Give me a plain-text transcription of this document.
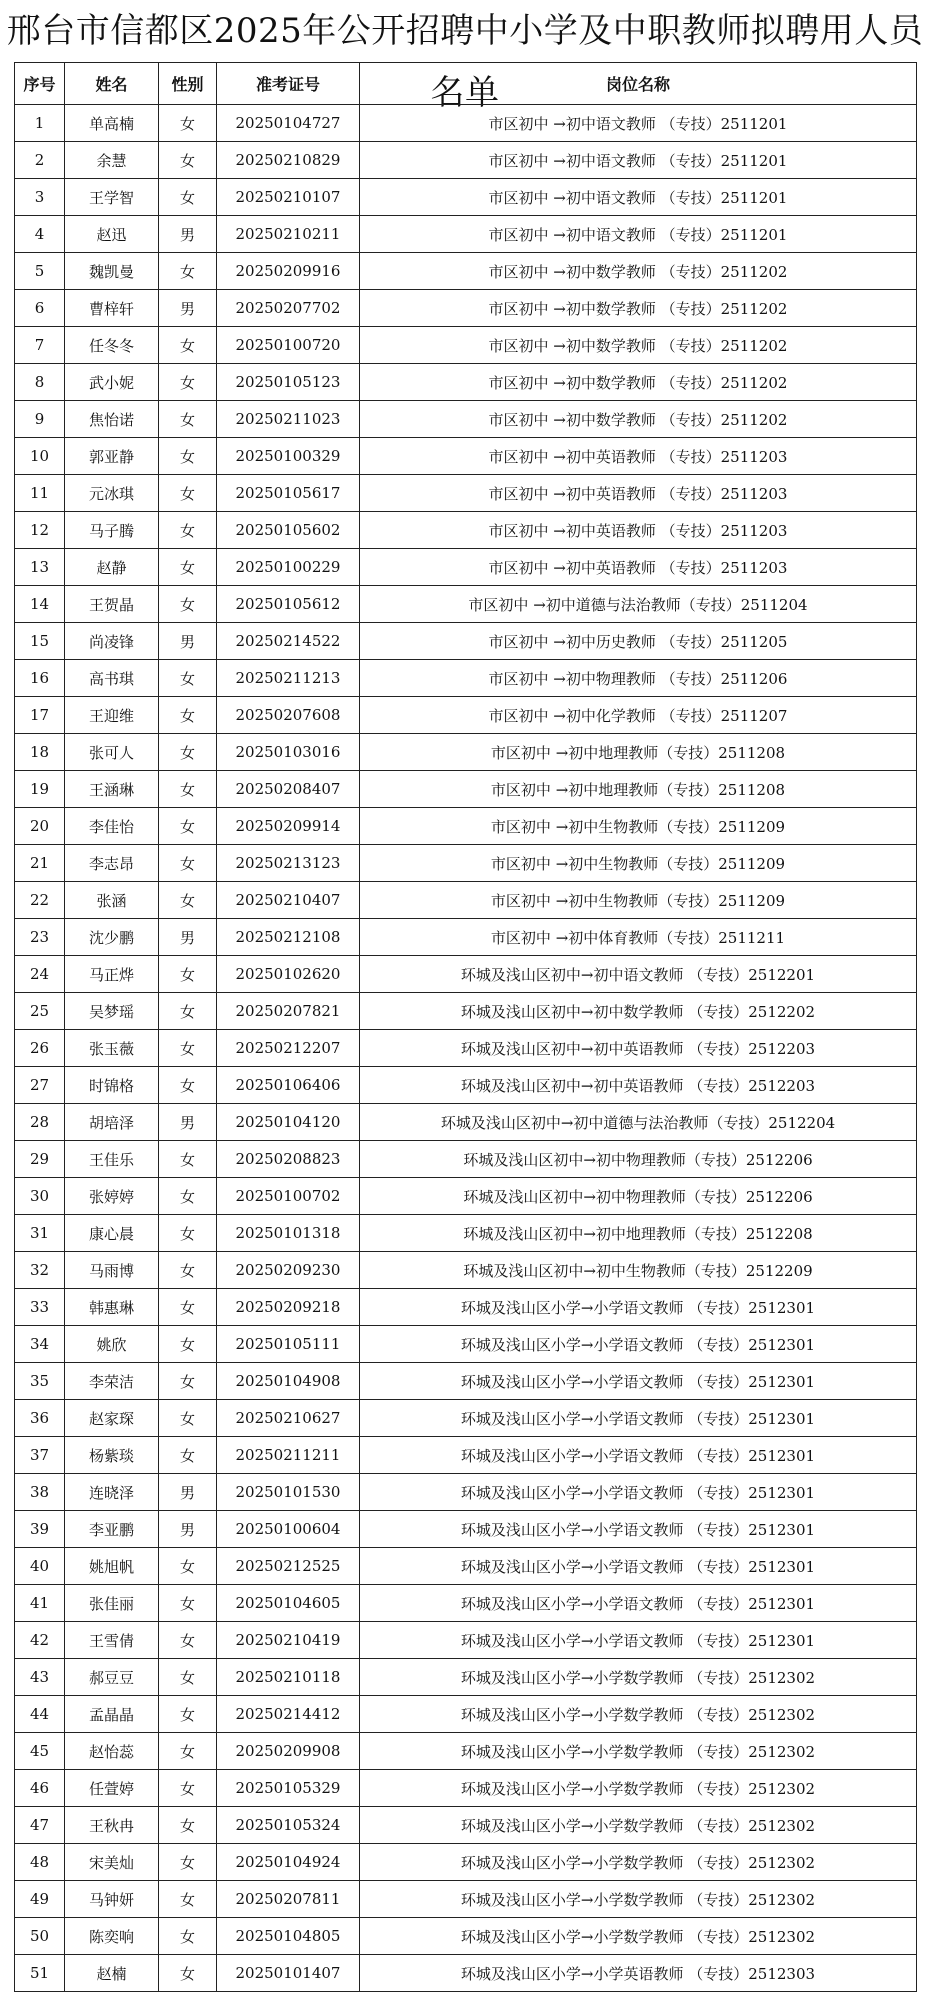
邢台市信都区2025年公开招聘中小学及中职教师拟聘用人员名单
序号	姓名	性别	准考证号	岗位名称
1	单高楠	女	20250104727	市区初中 →初中语文教师 （专技）2511201
2	余慧	女	20250210829	市区初中 →初中语文教师 （专技）2511201
3	王学智	女	20250210107	市区初中 →初中语文教师 （专技）2511201
4	赵迅	男	20250210211	市区初中 →初中语文教师 （专技）2511201
5	魏凯曼	女	20250209916	市区初中 →初中数学教师 （专技）2511202
6	曹梓轩	男	20250207702	市区初中 →初中数学教师 （专技）2511202
7	任冬冬	女	20250100720	市区初中 →初中数学教师 （专技）2511202
8	武小妮	女	20250105123	市区初中 →初中数学教师 （专技）2511202
9	焦怡诺	女	20250211023	市区初中 →初中数学教师 （专技）2511202
10	郭亚静	女	20250100329	市区初中 →初中英语教师 （专技）2511203
11	元冰琪	女	20250105617	市区初中 →初中英语教师 （专技）2511203
12	马子腾	女	20250105602	市区初中 →初中英语教师 （专技）2511203
13	赵静	女	20250100229	市区初中 →初中英语教师 （专技）2511203
14	王贺晶	女	20250105612	市区初中 →初中道德与法治教师（专技）2511204
15	尚凌锋	男	20250214522	市区初中 →初中历史教师 （专技）2511205
16	高书琪	女	20250211213	市区初中 →初中物理教师 （专技）2511206
17	王迎维	女	20250207608	市区初中 →初中化学教师 （专技）2511207
18	张可人	女	20250103016	市区初中 →初中地理教师（专技）2511208
19	王涵琳	女	20250208407	市区初中 →初中地理教师（专技）2511208
20	李佳怡	女	20250209914	市区初中 →初中生物教师（专技）2511209
21	李志昂	女	20250213123	市区初中 →初中生物教师（专技）2511209
22	张涵	女	20250210407	市区初中 →初中生物教师（专技）2511209
23	沈少鹏	男	20250212108	市区初中 →初中体育教师（专技）2511211
24	马正烨	女	20250102620	环城及浅山区初中→初中语文教师 （专技）2512201
25	吴梦瑶	女	20250207821	环城及浅山区初中→初中数学教师 （专技）2512202
26	张玉薇	女	20250212207	环城及浅山区初中→初中英语教师 （专技）2512203
27	时锦格	女	20250106406	环城及浅山区初中→初中英语教师 （专技）2512203
28	胡培泽	男	20250104120	环城及浅山区初中→初中道德与法治教师（专技）2512204
29	王佳乐	女	20250208823	环城及浅山区初中→初中物理教师（专技）2512206
30	张婷婷	女	20250100702	环城及浅山区初中→初中物理教师（专技）2512206
31	康心晨	女	20250101318	环城及浅山区初中→初中地理教师（专技）2512208
32	马雨博	女	20250209230	环城及浅山区初中→初中生物教师（专技）2512209
33	韩惠琳	女	20250209218	环城及浅山区小学→小学语文教师 （专技）2512301
34	姚欣	女	20250105111	环城及浅山区小学→小学语文教师 （专技）2512301
35	李荣洁	女	20250104908	环城及浅山区小学→小学语文教师 （专技）2512301
36	赵家琛	女	20250210627	环城及浅山区小学→小学语文教师 （专技）2512301
37	杨紫琰	女	20250211211	环城及浅山区小学→小学语文教师 （专技）2512301
38	连晓泽	男	20250101530	环城及浅山区小学→小学语文教师 （专技）2512301
39	李亚鹏	男	20250100604	环城及浅山区小学→小学语文教师 （专技）2512301
40	姚旭帆	女	20250212525	环城及浅山区小学→小学语文教师 （专技）2512301
41	张佳丽	女	20250104605	环城及浅山区小学→小学语文教师 （专技）2512301
42	王雪倩	女	20250210419	环城及浅山区小学→小学语文教师 （专技）2512301
43	郝豆豆	女	20250210118	环城及浅山区小学→小学数学教师 （专技）2512302
44	孟晶晶	女	20250214412	环城及浅山区小学→小学数学教师 （专技）2512302
45	赵怡蕊	女	20250209908	环城及浅山区小学→小学数学教师 （专技）2512302
46	任萱婷	女	20250105329	环城及浅山区小学→小学数学教师 （专技）2512302
47	王秋冉	女	20250105324	环城及浅山区小学→小学数学教师 （专技）2512302
48	宋美灿	女	20250104924	环城及浅山区小学→小学数学教师 （专技）2512302
49	马钟妍	女	20250207811	环城及浅山区小学→小学数学教师 （专技）2512302
50	陈奕响	女	20250104805	环城及浅山区小学→小学数学教师 （专技）2512302
51	赵楠	女	20250101407	环城及浅山区小学→小学英语教师 （专技）2512303
